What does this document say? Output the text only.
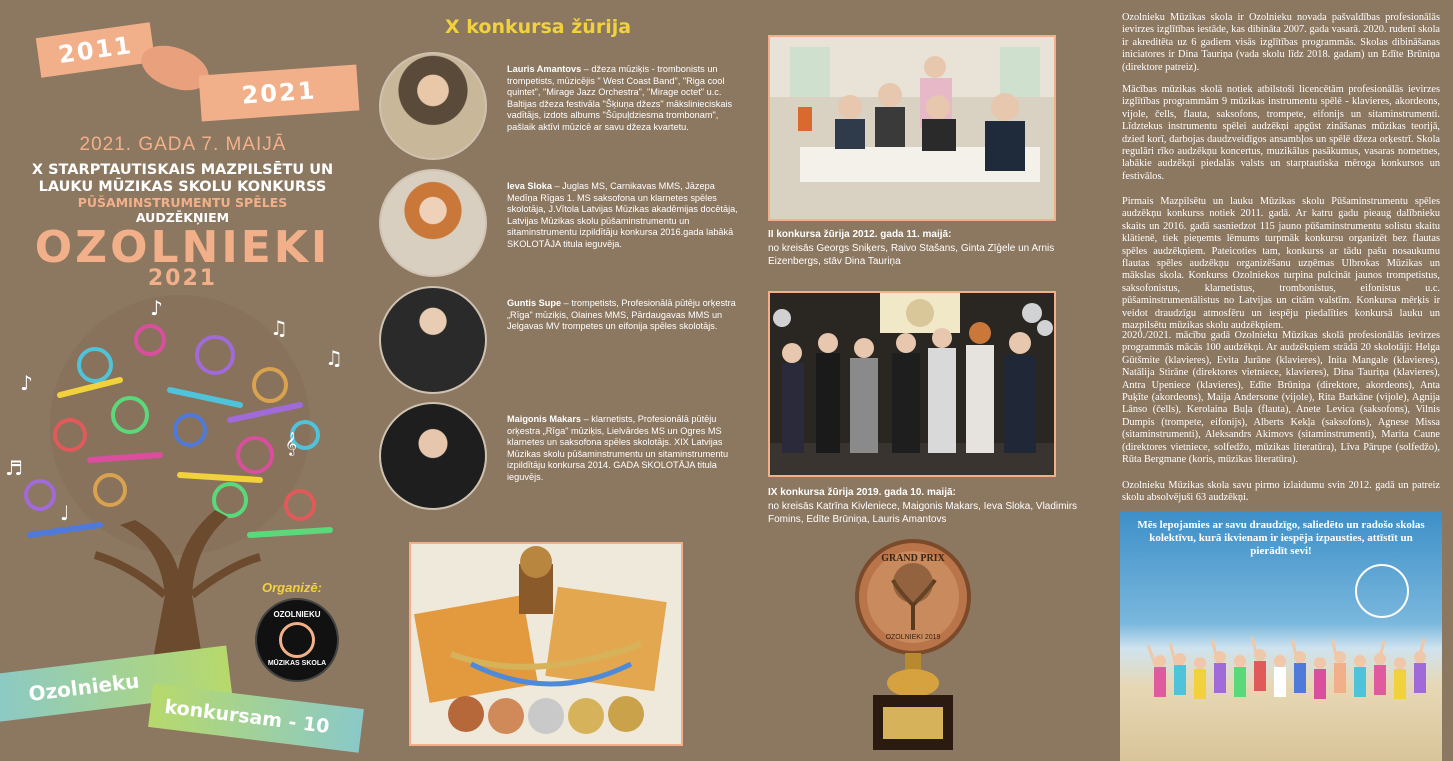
2011
2021
2021. GADA 7. MAIJĀ
X STARPTAUTISKAIS MAZPILSĒTU UN
LAUKU MŪZIKAS SKOLU KONKURSS
PŪŠAMINSTRUMENTU SPĒLES
AUDZĒKŅIEM
OZOLNIEKI
2021
♪
♫
♪
♬
♫
♩
𝄞
Organizē:
OZOLNIEKU
MŪZIKAS SKOLA
Ozolnieku
konkursam - 10
X konkursa žūrija
Lauris Amantovs – džeza mūziķis - trombonists un trompetists, mūzicējis " West Coast Band", "Riga cool quintet", "Mirage Jazz Orchestra", "Mirage octet" u.c. Baltijas džeza festivāla "Šķiuņa džezs" mākslinieciskais vadītājs, izdots albums "Šūpuļdziesma trombonam", pašlaik aktīvi mūzicē ar savu džeza kvartetu.
Ieva Sloka – Juglas MS, Carnikavas MMS, Jāzepa Medīņa Rīgas 1. MS saksofona un klarnetes spēles skolotāja, J.Vītola Latvijas Mūzikas akadēmijas docētāja, Latvijas Mūzikas skolu pūšaminstrumentu un sitaminstrumentu izpildītāju konkursa 2016.gada labākā SKOLOTĀJA titula ieguvēja.
Guntis Supe – trompetists, Profesionālā pūtēju orķestra „Rīga" mūziķis, Olaines MMS, Pārdaugavas MMS un Jelgavas MV trompetes un eifonija spēles skolotājs.
Maigonis Makars – klarnetists, Profesionālā pūtēju orķestra „Rīga" mūziķis, Lielvārdes MS un Ogres MS klarnetes un saksofona spēles skolotājs. XIX Latvijas Mūzikas skolu pūšaminstrumentu un sitaminstrumentu izpildītāju konkursa 2014. GADA SKOLOTĀJA titula ieguvējs.
II konkursa žūrija 2012. gada 11. maijā:
no kreisās Georgs Sniķers, Raivo Stašans, Ginta Zīģele un Arnis Eizenbergs, stāv Dina Tauriņa
IX konkursa žūrija 2019. gada 10. maijā:
no kreisās Katrīna Kivleniece, Maigonis Makars, Ieva Sloka, Vladimirs Fomins, Edīte Brūniņa, Lauris Amantovs
GRAND PRIX
OZOLNIEKI 2019
Ozolnieku Mūzikas skola ir Ozolnieku novada pašvaldības profesionālās ievirzes izglītības iestāde, kas dibināta 2007. gada vasarā. 2020. rudenī skola ir akreditēta uz 6 gadiem visās izglītības programmās. Skolas dibināšanas iniciatores ir Dina Tauriņa (vada skolu līdz 2018. gadam) un Edīte Brūniņa (direktore patreiz).
Mācības mūzikas skolā notiek atbilstoši licencētām profesionālās ievirzes izglītības programmām 9 mūzikas instrumentu spēlē - klavieres, akordeons, vijole, čells, flauta, saksofons, trompete, eifonijs un sitaminstrumenti. Līdztekus instrumentu spēlei audzēkņi apgūst zināšanas mūzikas teorijā, dzied korī, darbojas daudzveidīgos ansambļos un spēlē džeza orķestrī. Skola regulāri rīko audzēkņu koncertus, muzikālus pasākumus, vasaras nometnes, labākie audzēkņi piedalās valsts un starptautiska mēroga konkursos un festivālos.
Pirmais Mazpilsētu un lauku Mūzikas skolu Pūšaminstrumentu spēles audzēkņu konkurss notiek 2011. gadā. Ar katru gadu pieaug dalībnieku skaits un 2016. gadā sasniedzot 115 jauno pūšaminstrumentu solistu skaitu klātienē, tiek pieņemts lēmums turpmāk konkursu organizēt bez flautas spēles audzēkņiem. Pateicoties tam, konkurss ar tādu pašu nosaukumu flautas spēles audzēkņu organizēšanu uzņēmas Ulbrokas Mūzikas un mākslas skola. Konkurss Ozolniekos turpina pulcināt jaunos trompetistus, saksofonistus, klarnetistus, trombonistus, eifonistus u.c. pūšaminstrumentālistus no Latvijas un citām valstīm. Konkursa mērķis ir veidot draudzīgu atmosfēru un iespēju piedalīties konkursā lauku un mazpilsētu mūzikas skolu audzēkņiem.
2020./2021. mācību gadā Ozolnieku Mūzikas skolā profesionālās ievirzes programmās mācās 100 audzēkņi. Ar audzēkņiem strādā 20 skolotāji: Helga Gūtšmite (klavieres), Evita Jurāne (klavieres), Inita Mangale (klavieres), Natālija Stirāne (direktores vietniece, klavieres), Dina Tauriņa (klavieres), Antra Upeniece (klavieres), Edīte Brūniņa (direktore, akordeons), Anta Puķīte (akordeons), Maija Andersone (vijole), Rita Barkāne (vijole), Agnija Lānso (čells), Kerolaina Buļa (flauta), Anete Levica (saksofons), Vilnis Dumpis (trompete, eifonijs), Alberts Kekļa (saksofons), Agnese Missa (sitaminstrumenti), Aleksandrs Akimovs (sitaminstrumenti), Marita Caune (direktores vietniece, solfedžo, mūzikas literatūra), Līva Pārupe (solfedžo), Rūta Bergmane (koris, mūzikas literatūra).
Ozolnieku Mūzikas skola savu pirmo izlaidumu svin 2012. gadā un patreiz skolu absolvējuši 63 audzēkņi.
Mēs lepojamies ar savu draudzīgo, saliedēto un radošo skolas kolektīvu, kurā ikvienam ir iespēja izpausties, attīstīt un pierādīt sevi!
